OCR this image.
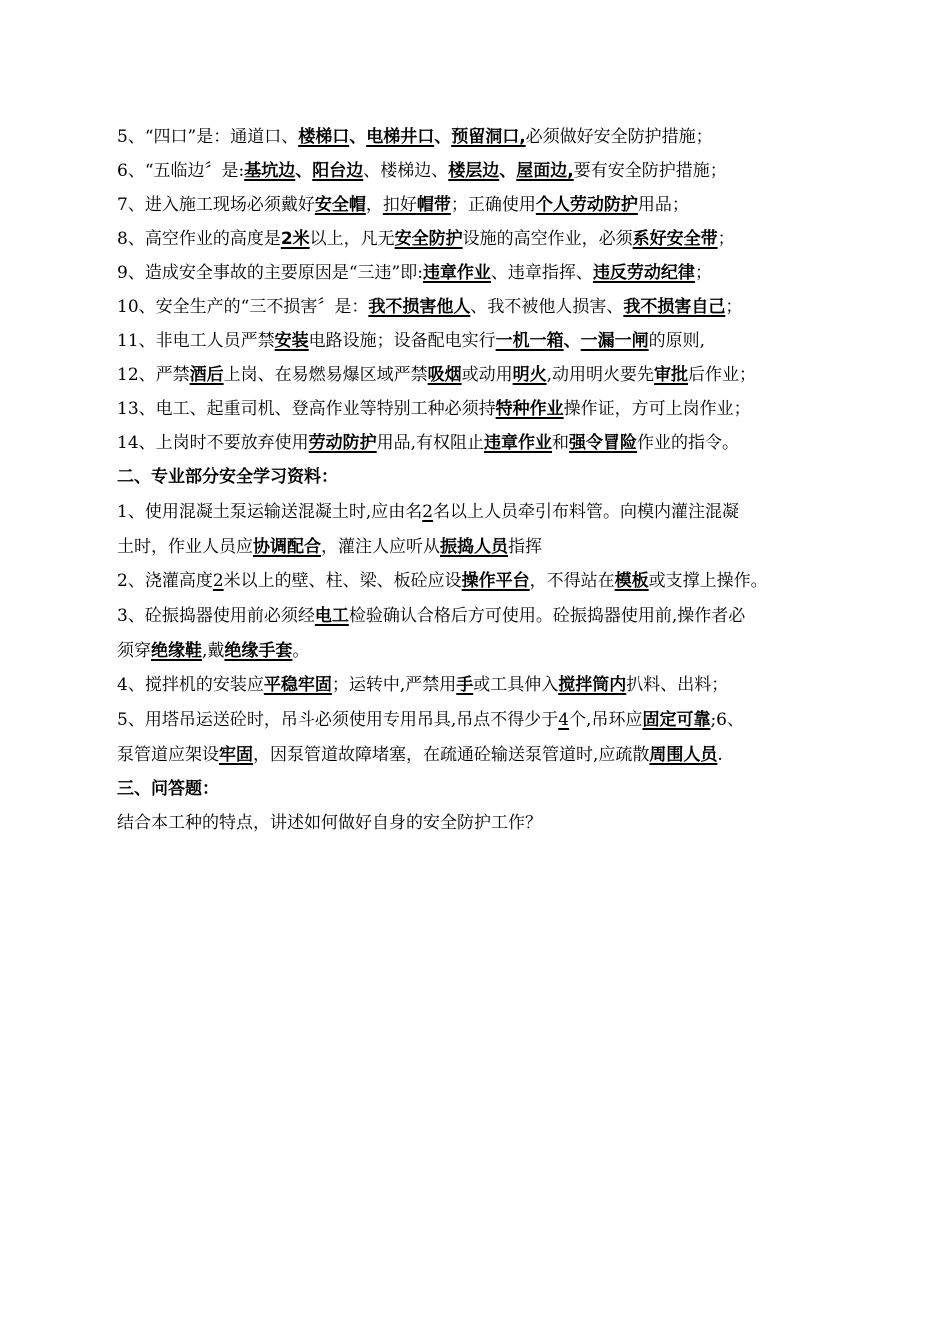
5、“四口”是：通道口、楼梯口、电梯井口、预留洞口,必须做好安全防护措施；
6、“五临边〞是:基坑边、阳台边、楼梯边、楼层边、屋面边,要有安全防护措施；
7、进入施工现场必须戴好安全帽，扣好帽带；正确使用个人劳动防护用品；
8、高空作业的高度是2米以上，凡无安全防护设施的高空作业，必须系好安全带；
9、造成安全事故的主要原因是“三违”即:违章作业、违章指挥、违反劳动纪律；
10、安全生产的“三不损害〞是：我不损害他人、我不被他人损害、我不损害自己；
11、非电工人员严禁安装电路设施；设备配电实行一机一箱、一漏一闸的原则,
12、严禁酒后上岗、在易燃易爆区域严禁吸烟或动用明火,动用明火要先审批后作业；
13、电工、起重司机、登高作业等特别工种必须持特种作业操作证，方可上岗作业；
14、上岗时不要放弃使用劳动防护用品,有权阻止违章作业和强令冒险作业的指令。
二、专业部分安全学习资料：
1、使用混凝土泵运输送混凝土时,应由名2名以上人员牵引布料管。向模内灌注混凝
土时，作业人员应协调配合，灌注人应听从振捣人员指挥
2、浇灌高度2米以上的壁、柱、梁、板砼应设操作平台，不得站在模板或支撑上操作。
3、砼振捣器使用前必须经电工检验确认合格后方可使用。砼振捣器使用前,操作者必
须穿绝缘鞋,戴绝缘手套。
4、搅拌机的安装应平稳牢固；运转中,严禁用手或工具伸入搅拌筒内扒料、出料；
5、用塔吊运送砼时，吊斗必须使用专用吊具,吊点不得少于4个,吊环应固定可靠;6、
泵管道应架设牢固，因泵管道故障堵塞，在疏通砼输送泵管道时,应疏散周围人员.
三、问答题：
结合本工种的特点，讲述如何做好自身的安全防护工作？
